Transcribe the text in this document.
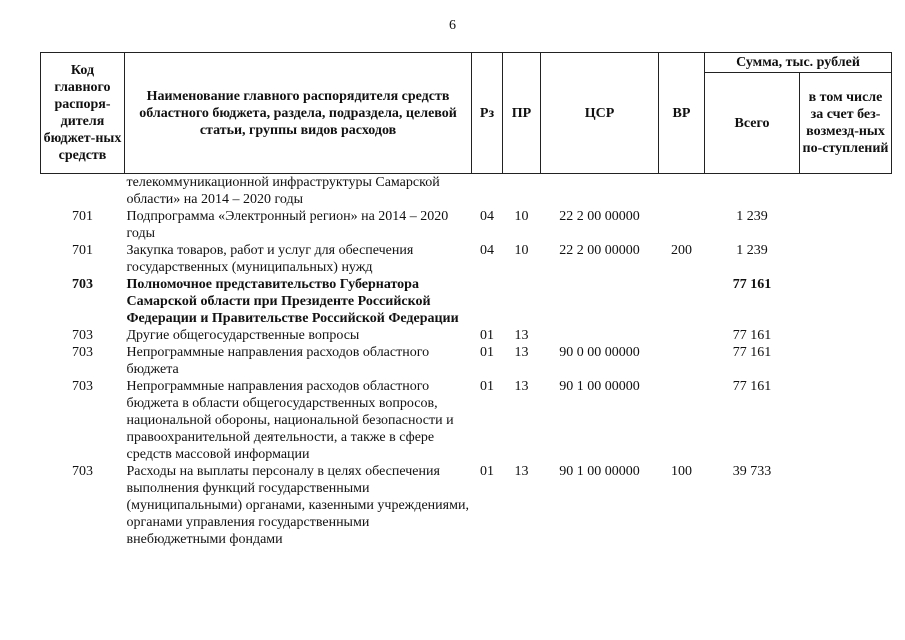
6
Код главного распоря-дителя бюджет-ных средств	Наименование главного распорядителя средств областного бюджета, раздела, подраздела, целевой статьи, группы видов расходов	Рз	ПР	ЦСР	ВР	Сумма, тыс. рублей	
						Всего	в том числе за счет без-возмезд-ных по-ступлений
	телекоммуникационной инфраструктуры Самарской области» на 2014 – 2020 годы						
701	Подпрограмма «Электронный регион» на 2014 – 2020 годы	04	10	22 2 00 00000		1 239	
701	Закупка товаров, работ и услуг для обеспечения государственных (муниципальных) нужд	04	10	22 2 00 00000	200	1 239	
703	Полномочное представительство Губернатора Самарской области при Президенте Российской Федерации и Правительстве Российской Федерации					77 161	
703	Другие общегосударственные вопросы	01	13			77 161	
703	Непрограммные направления расходов областного бюджета	01	13	90 0 00 00000		77 161	
703	Непрограммные направления расходов областного бюджета в области общегосударственных вопросов, национальной обороны, национальной безопасности и правоохранительной деятельности, а также в сфере средств массовой информации	01	13	90 1 00 00000		77 161	
703	Расходы на выплаты персоналу в целях обеспечения выполнения функций государственными (муниципальными) органами, казенными учреждениями, органами управления государственными внебюджетными фондами	01	13	90 1 00 00000	100	39 733	
